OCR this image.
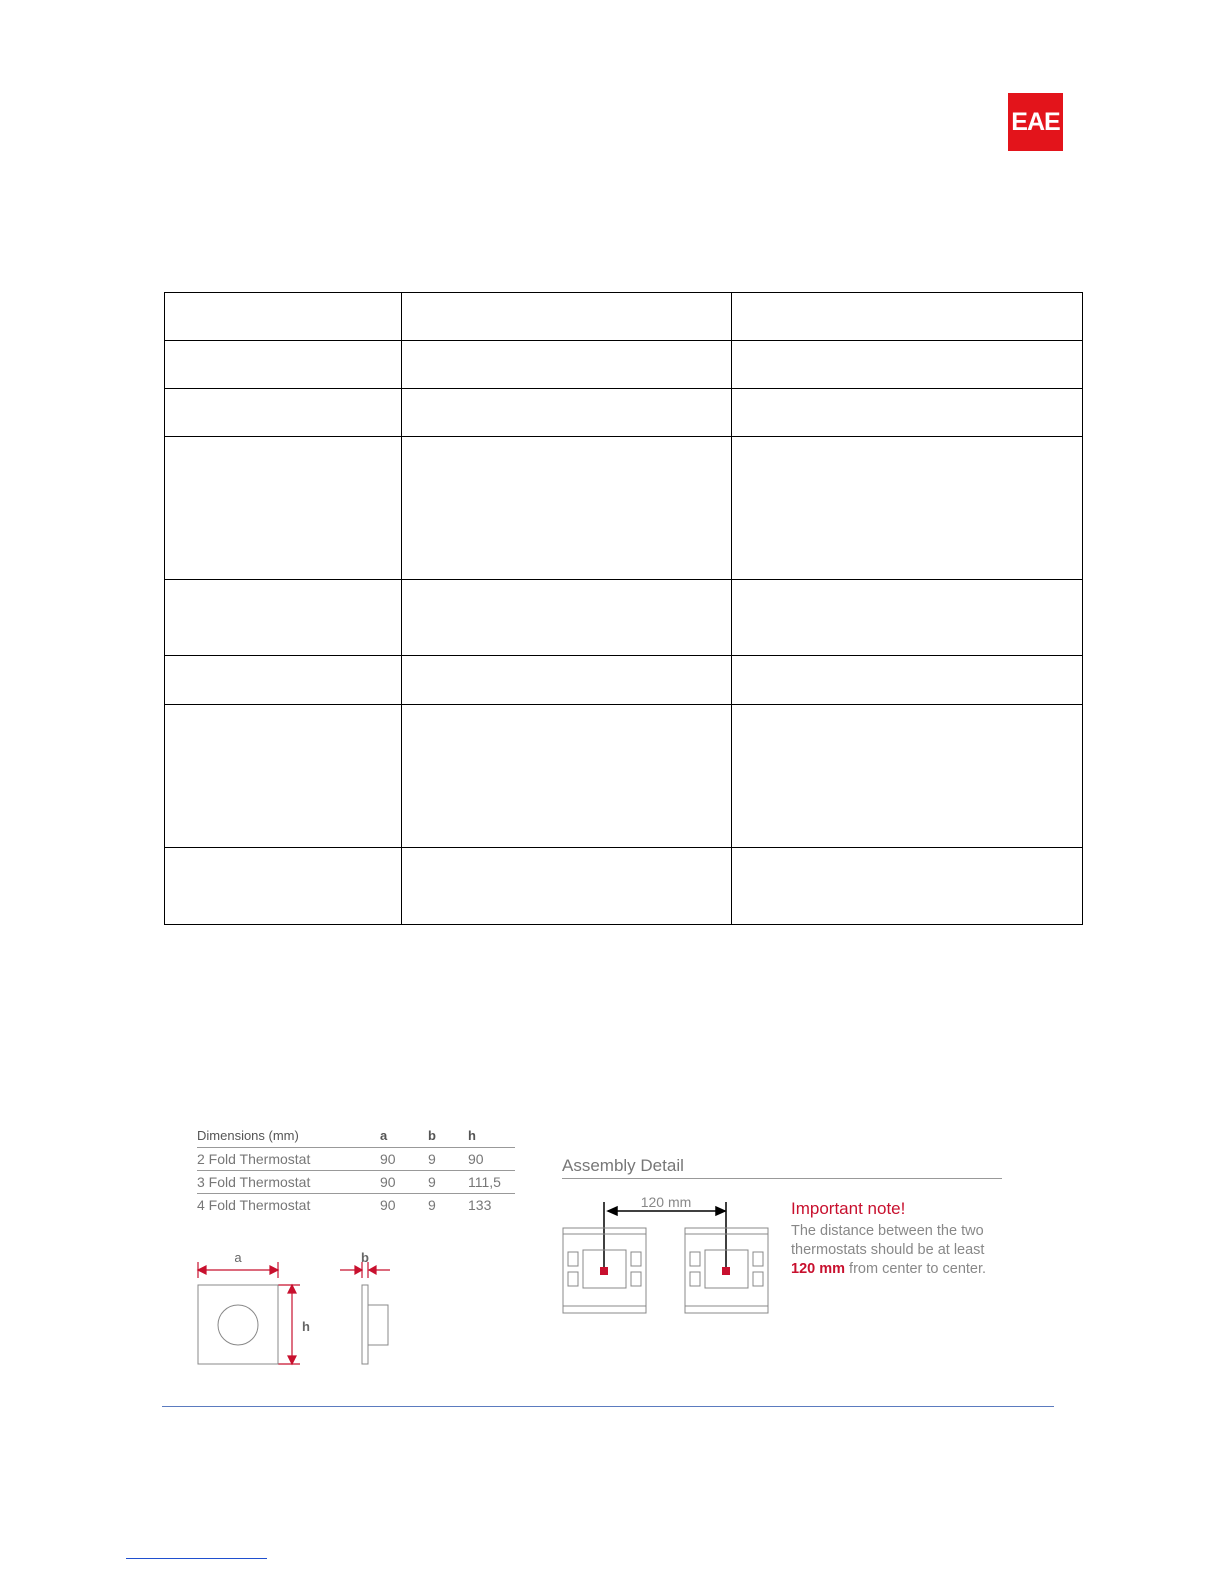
EAE

Dimensions (mm)	a	b	h
2 Fold Thermostat	90	9	90
3 Fold Thermostat	90	9	111,5
4 Fold Thermostat	90	9	133
a	b
h
Assembly Detail
120 mm	Important note!
The distance between the two thermostats should be at least 120 mm from center to center.
